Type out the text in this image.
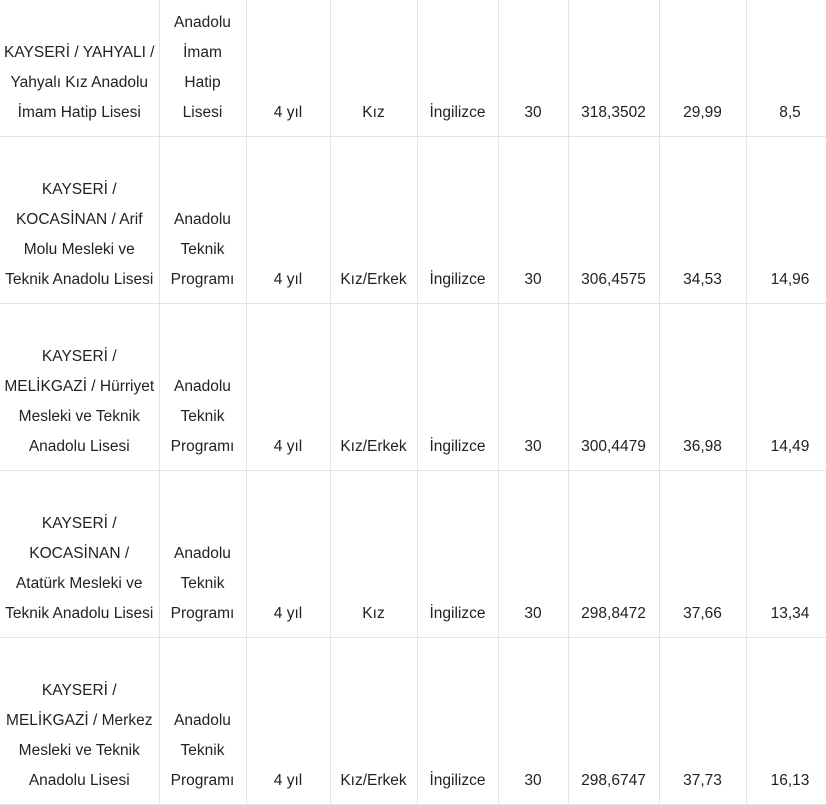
KAYSERİ / YAHYALI / Yahyalı Kız Anadolu İmam Hatip Lisesi	Anadolu İmam Hatip Lisesi	4 yıl	Kız	İngilizce	30	318,3502	29,99	8,5

KAYSERİ / KOCASİNAN / Arif Molu Mesleki ve Teknik Anadolu Lisesi	Anadolu Teknik Programı	4 yıl	Kız/Erkek	İngilizce	30	306,4575	34,53	14,96

KAYSERİ / MELİKGAZİ / Hürriyet Mesleki ve Teknik Anadolu Lisesi	Anadolu Teknik Programı	4 yıl	Kız/Erkek	İngilizce	30	300,4479	36,98	14,49

KAYSERİ / KOCASİNAN / Atatürk Mesleki ve Teknik Anadolu Lisesi	Anadolu Teknik Programı	4 yıl	Kız	İngilizce	30	298,8472	37,66	13,34

KAYSERİ / MELİKGAZİ / Merkez Mesleki ve Teknik Anadolu Lisesi	Anadolu Teknik Programı	4 yıl	Kız/Erkek	İngilizce	30	298,6747	37,73	16,13
